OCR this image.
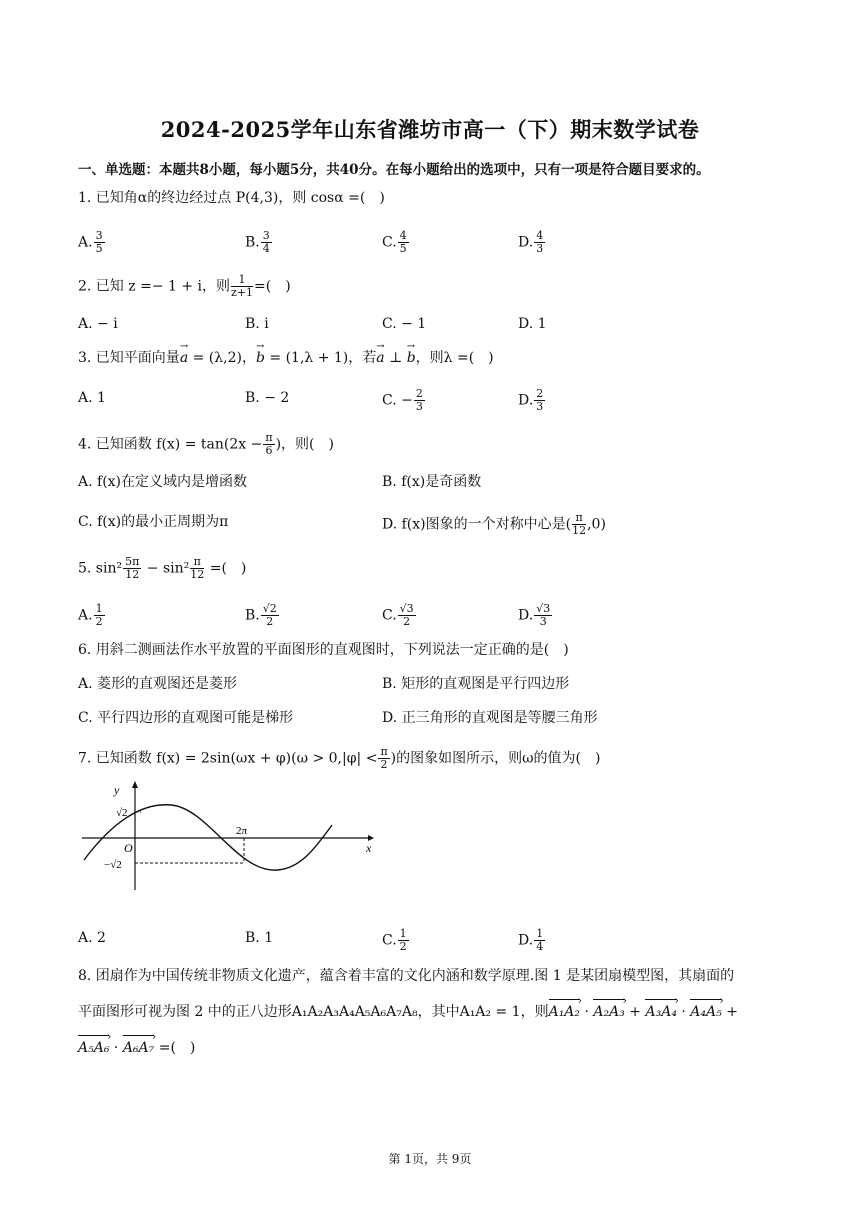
2024-2025学年山东省潍坊市高一（下）期末数学试卷
一、单选题：本题共8小题，每小题5分，共40分。在每小题给出的选项中，只有一项是符合题目要求的。
1. 已知角α的终边经过点 P(4,3)，则 cosα =(　)
A. $\frac{3}{5}$	B. $\frac{3}{4}$	C. $\frac{4}{5}$	D. $\frac{4}{3}$
2. 已知 z =− 1 + i，则 $\frac{1}{z+1}$ =(　)
A. − i	B. i	C. − 1	D. 1
3. 已知平面向量→ a = (λ,2)，→ b = (1,λ + 1)，若→ a ⊥ → b，则λ =(　)
A. 1	B. − 2	C. − $\frac{2}{3}$	D. $\frac{2}{3}$
4. 已知函数 $f(x) = \tan(2x - \frac{\pi}{6}$ )，则(　)
A. f(x)在定义域内是增函数	B. f(x)是奇函数
C. f(x)的最小正周期为π	D. f(x)图象的一个对称中心是( $\frac{\pi}{12} ,0$)
5. $\sin^2 \frac{5\pi}{12} - \sin^2 \frac{\pi}{12}$ =(　)
A. $\frac{1}{2}$	B. $\frac{√2}{2}$	C. $\frac{√3}{2}$	D. $\frac{√3}{3}$
6. 用斜二测画法作水平放置的平面图形的直观图时，下列说法一定正确的是(　)
A. 菱形的直观图还是菱形	B. 矩形的直观图是平行四边形
C. 平行四边形的直观图可能是梯形	D. 正三角形的直观图是等腰三角形
7. 已知函数 $f(x) = 2\sin(\omega x + \varphi)(\omega > 0,|\varphi| < \frac{\pi}{2}$ )的图象如图所示，则ω的值为(　)
y
x
O
√2
−√2
2π
A. 2	B. 1	C. $\frac{1}{2}$	D. $\frac{1}{4}$
8. 团扇作为中国传统非物质文化遗产，蕴含着丰富的文化内涵和数学原理.图 1 是某团扇模型图，其扇面的
平面图形可视为图 2 中的正八边形A₁A₂A₃A₄A₅A₆A₇A₈，其中A₁A₂ = 1，则A₁A₂ › · A₂A₃ › + A₃A₄ › · A₄A₅ › +
A₅A₆ › · A₆A₇ › =(　)
第 1页，共 9页
